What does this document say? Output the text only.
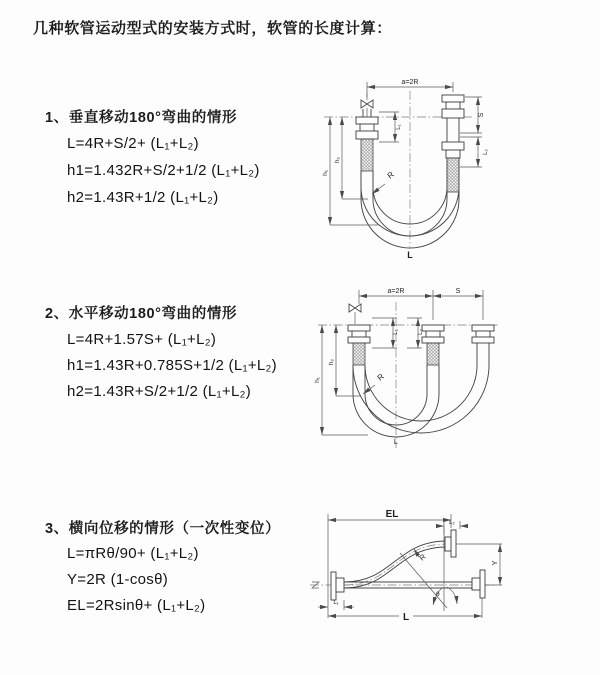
几种软管运动型式的安装方式时，软管的长度计算：
1、垂直移动180°弯曲的情形
L=4R+S/2+ (L₁+L₂)
h1=1.432R+S/2+1/2 (L₁+L₂)
h2=1.43R+1/2 (L₁+L₂)
a=2R
S
L₂
L₁
h₁
h₂
R
L
2、水平移动180°弯曲的情形
L=4R+1.57S+ (L₁+L₂)
h1=1.43R+0.785S+1/2 (L₁+L₂)
h2=1.43R+S/2+1/2 (L₁+L₂)
a=2R	S
L₁	L₂
h₁
h₂
R
L
3、横向位移的情形（一次性变位）
L=πRθ/90+ (L₁+L₂)
Y=2R (1-cosθ)
EL=2Rsinθ+ (L₁+L₂)
EL
L₂
R
θ
Y
L₁
L
